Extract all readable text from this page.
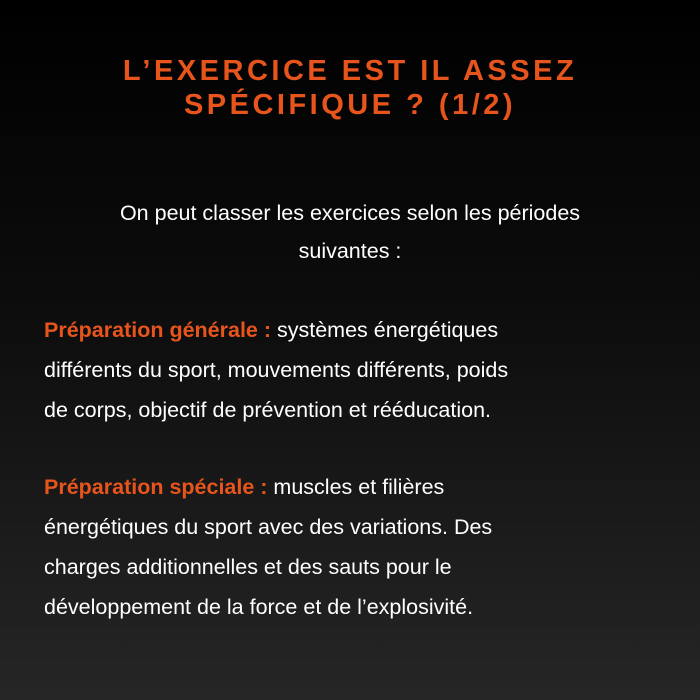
L’EXERCICE EST IL ASSEZ
SPÉCIFIQUE ? (1/2)

On peut classer les exercices selon les périodes
suivantes :

Préparation générale : systèmes énergétiques
différents du sport, mouvements différents, poids
de corps, objectif de prévention et rééducation.

Préparation spéciale : muscles et filières
énergétiques du sport avec des variations. Des
charges additionnelles et des sauts pour le
développement de la force et de l’explosivité.
